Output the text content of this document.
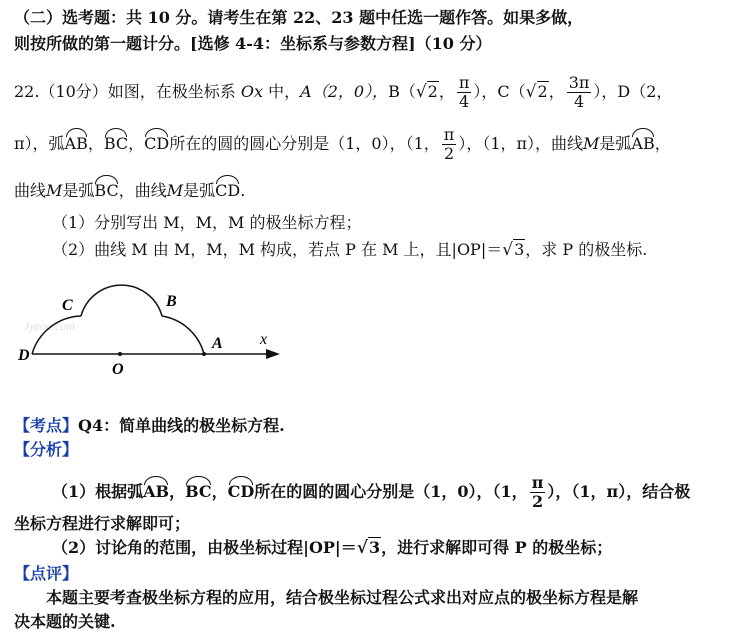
（二）选考题：共 10 分。请考生在第 22、23 题中任选一题作答。如果多做，
则按所做的第一题计分。[选修 4-4：坐标系与参数方程]（10 分）
22.（10分）如图，在极坐标系 Ox 中，A（2，0），B（√2， $\frac{\pi}{4}$ ），C（√2， $\frac{3\pi}{4}$ ），D（2，
π），弧AB，BC，CD所在的圆的圆心分别是（1，0），（1， $\frac{\pi}{2}$ ），（1，π），曲线M是弧AB，
曲线M是弧BC，曲线M是弧CD.
（1）分别写出 M，M，M 的极坐标方程；
（2）曲线 M 由 M，M，M 构成，若点 P 在 M 上，且|OP|＝√3，求 P 的极坐标.
Jyeoo.com
C	B
D
A
O
x
【考点】Q4：简单曲线的极坐标方程.
【分析】
（1）根据弧AB，BC，CD所在的圆的圆心分别是（1，0），（1， $\frac{\pi}{2}$ ），（1，π），结合极
坐标方程进行求解即可；
（2）讨论角的范围，由极坐标过程|OP|＝√3，进行求解即可得 P 的极坐标；
【点评】
本题主要考查极坐标方程的应用，结合极坐标过程公式求出对应点的极坐标方程是解
决本题的关键.
